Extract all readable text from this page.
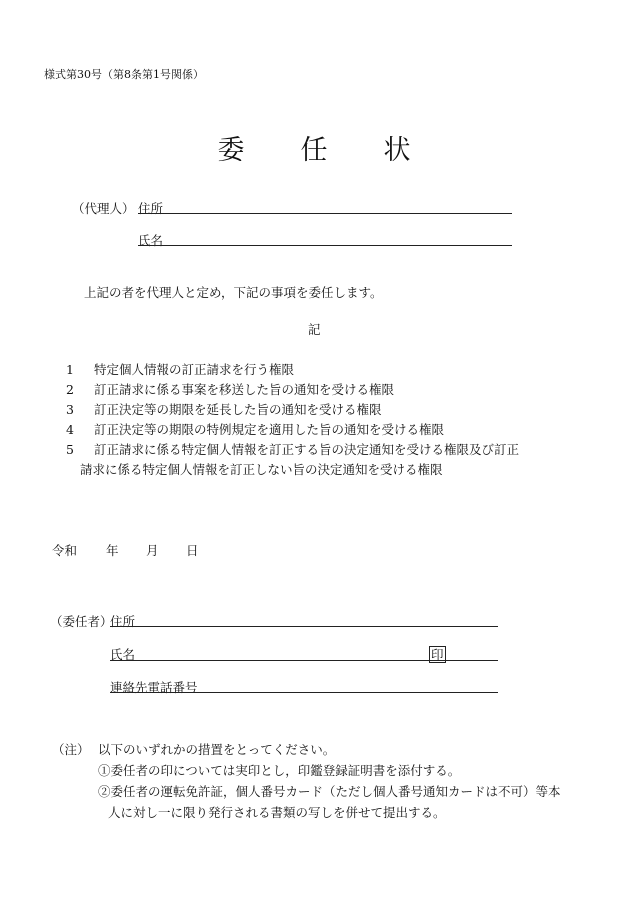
様式第30号（第8条第1号関係）
委 任 状
（代理人） 住所
氏名
上記の者を代理人と定め，下記の事項を委任します。
記
1 特定個人情報の訂正請求を行う権限
2 訂正請求に係る事案を移送した旨の通知を受ける権限
3 訂正決定等の期限を延長した旨の通知を受ける権限
4 訂正決定等の期限の特例規定を適用した旨の通知を受ける権限
5 訂正請求に係る特定個人情報を訂正する旨の決定通知を受ける権限及び訂正
請求に係る特定個人情報を訂正しない旨の決定通知を受ける権限
令和 年 月 日
（委任者）
住所
氏名	印
連絡先電話番号
（注） 以下のいずれかの措置をとってください。
①委任者の印については実印とし，印鑑登録証明書を添付する。
②委任者の運転免許証，個人番号カード（ただし個人番号通知カードは不可）等本
人に対し一に限り発行される書類の写しを併せて提出する。
